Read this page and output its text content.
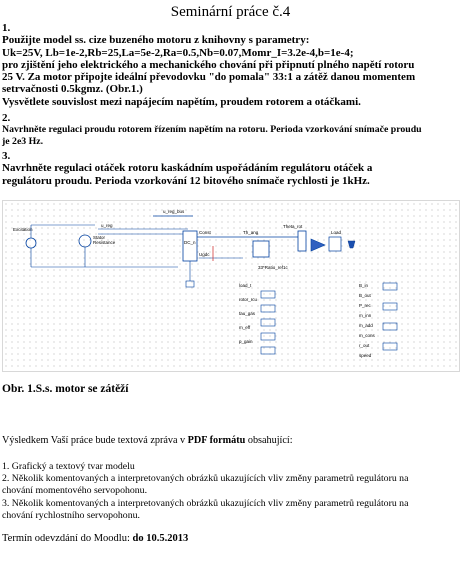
Seminární práce č.4
1.
Použijte model ss. cize buzeného motoru z knihovny s parametry:
Uk=25V, Lb=1e-2,Rb=25,La=5e-2,Ra=0.5,Nb=0.07,Momr_I=3.2e-4,b=1e-4;
pro zjištění jeho elektrického a mechanického chování při připnutí plného napětí rotoru
25 V. Za motor připojte ideální převodovku "do pomala" 33:1 a zátěž danou momentem
setrvačnosti 0.5kgmz. (Obr.1.)
Vysvětlete souvislost mezi napájecím napětím, proudem rotorem a otáčkami.
2.
Navrhněte regulaci proudu rotorem řízením napětím na rotoru. Perioda vzorkování snímače proudu
je 2e3 Hz.
3.
Navrhněte regulaci otáček rotoru kaskádním uspořádáním regulátoru otáček a
regulátoru proudu. Perioda vzorkování 12 bitového snímače rychlosti je 1kHz.
u_reg_bus
u_reg
Excitation
Stator
Resistance	DC_n
Const
Ugdc
Th_ang
Theta_rot
Load
33*Ratio_ref1c
B_in
B_out
P_rec
m_inn
m_add
m_cons
r_out
speed
load_t
rotor_rcu
tau_gas
m_eff
p_gain
Obr. 1.S.s. motor se zátěží
Výsledkem Vaší práce bude textová zpráva v PDF formátu obsahující:
1. Grafický a textový tvar modelu
2. Několik komentovaných a interpretovaných obrázků ukazujících vliv změny parametrů regulátoru na
chování momentového servopohonu.
3. Několik komentovaných a interpretovaných obrázků ukazujících vliv změny parametrů regulátoru na
chování rychlostního servopohonu.
Termín odevzdání do Moodlu: do 10.5.2013
